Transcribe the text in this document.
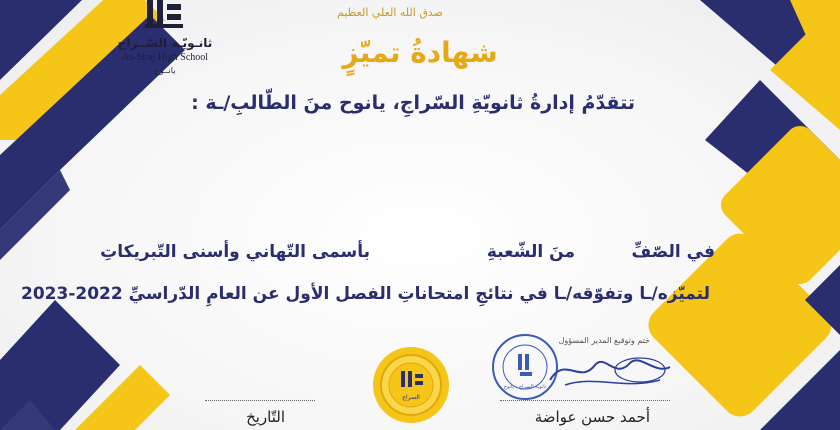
صدق الله العلي العظيم
ثانـويّـة السّــراج
As-Siraj High School
يانــوح
شهادةُ تميّزٍ
تتقدّمُ إدارةُ ثانويّةِ السّراجِ، يانوح منَ الطّالبِ/ـة :
في الصّفِّ
منَ الشّعبةِ
بأسمى التّهاني وأسنى التّبريكاتِ
لتميّزه/ـا وتفوّقه/ـا في نتائجِ امتحاناتِ الفصل الأول عن العامِ الدّراسيِّ 2022-2023
السراج
ختم وتوقيع المدير المسؤول
ثانوية السراج - يانوح
أحمد حسن عواضة
التّاريخ
